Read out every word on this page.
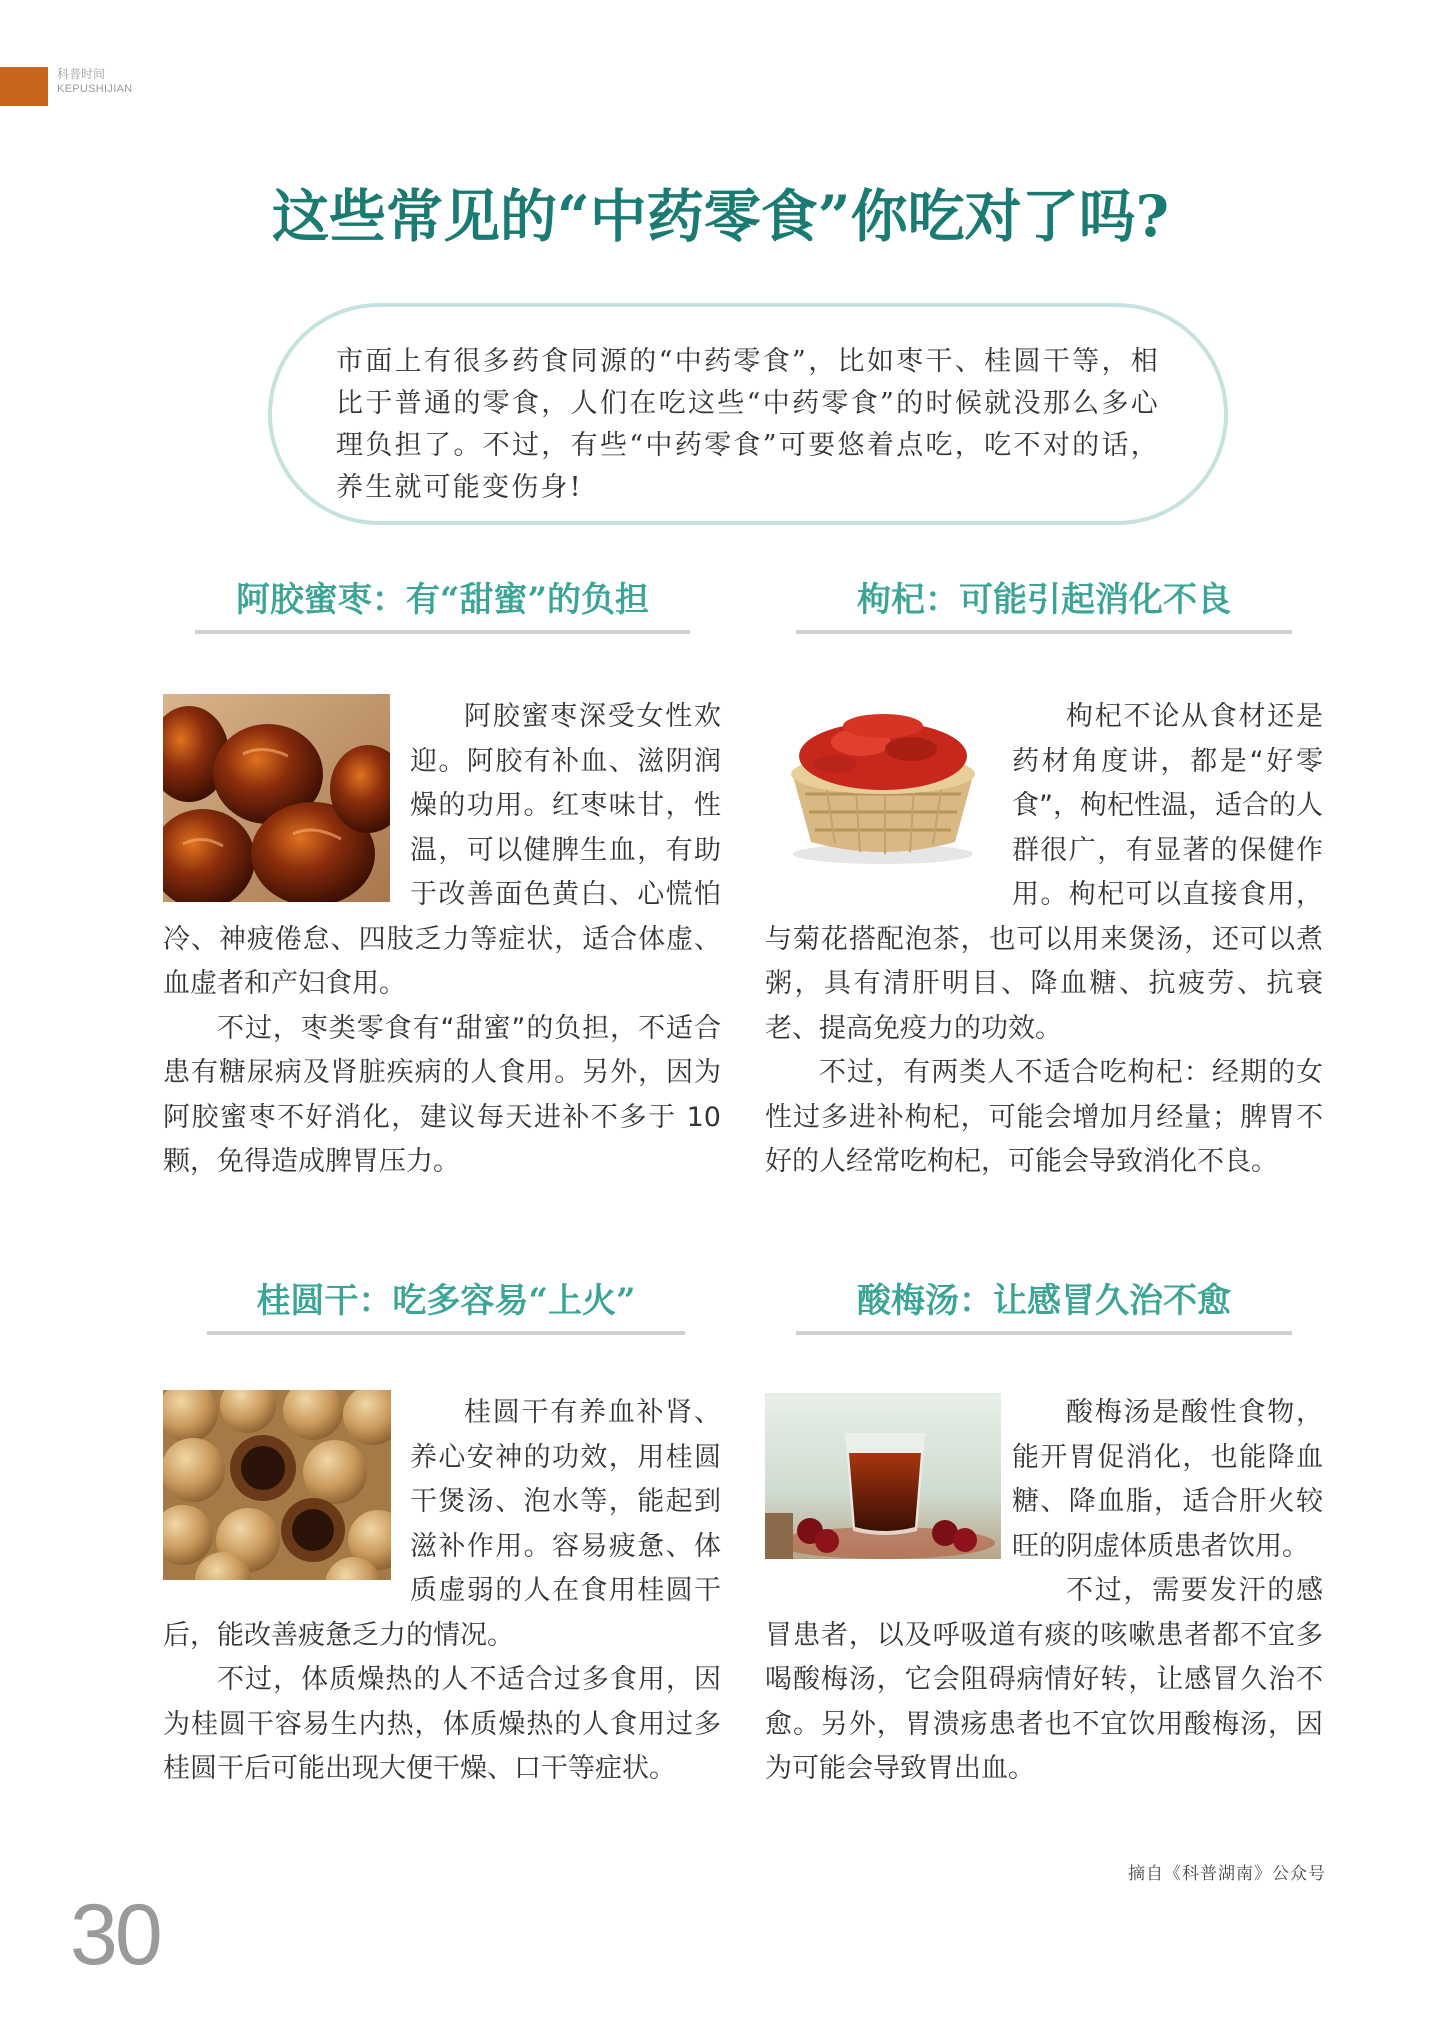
科普时间
KEPUSHIJIAN
这些常见的“中药零食”你吃对了吗?

市面上有很多药食同源的“中药零食”，比如枣干、桂圆干等，相比于普通的零食，人们在吃这些“中药零食”的时候就没那么多心理负担了。不过，有些“中药零食”可要悠着点吃，吃不对的话，养生就可能变伤身!

阿胶蜜枣：有“甜蜜”的负担

阿胶蜜枣深受女性欢迎。阿胶有补血、滋阴润燥的功用。红枣味甘，性温，可以健脾生血，有助于改善面色黄白、心慌怕冷、神疲倦怠、四肢乏力等症状，适合体虚、血虚者和产妇食用。

不过，枣类零食有“甜蜜”的负担，不适合患有糖尿病及肾脏疾病的人食用。另外，因为阿胶蜜枣不好消化，建议每天进补不多于 10 颗，免得造成脾胃压力。

枸杞：可能引起消化不良

枸杞不论从食材还是药材角度讲，都是“好零食”，枸杞性温，适合的人群很广，有显著的保健作用。枸杞可以直接食用，与菊花搭配泡茶，也可以用来煲汤，还可以煮粥，具有清肝明目、降血糖、抗疲劳、抗衰老、提高免疫力的功效。

不过，有两类人不适合吃枸杞：经期的女性过多进补枸杞，可能会增加月经量；脾胃不好的人经常吃枸杞，可能会导致消化不良。

桂圆干：吃多容易“上火”

桂圆干有养血补肾、养心安神的功效，用桂圆干煲汤、泡水等，能起到滋补作用。容易疲惫、体质虚弱的人在食用桂圆干后，能改善疲惫乏力的情况。

不过，体质燥热的人不适合过多食用，因为桂圆干容易生内热，体质燥热的人食用过多桂圆干后可能出现大便干燥、口干等症状。

酸梅汤：让感冒久治不愈

酸梅汤是酸性食物，能开胃促消化，也能降血糖、降血脂，适合肝火较旺的阴虚体质患者饮用。

不过，需要发汗的感冒患者，以及呼吸道有痰的咳嗽患者都不宜多喝酸梅汤，它会阻碍病情好转，让感冒久治不愈。另外，胃溃疡患者也不宜饮用酸梅汤，因为可能会导致胃出血。

摘自《科普湖南》公众号
30
